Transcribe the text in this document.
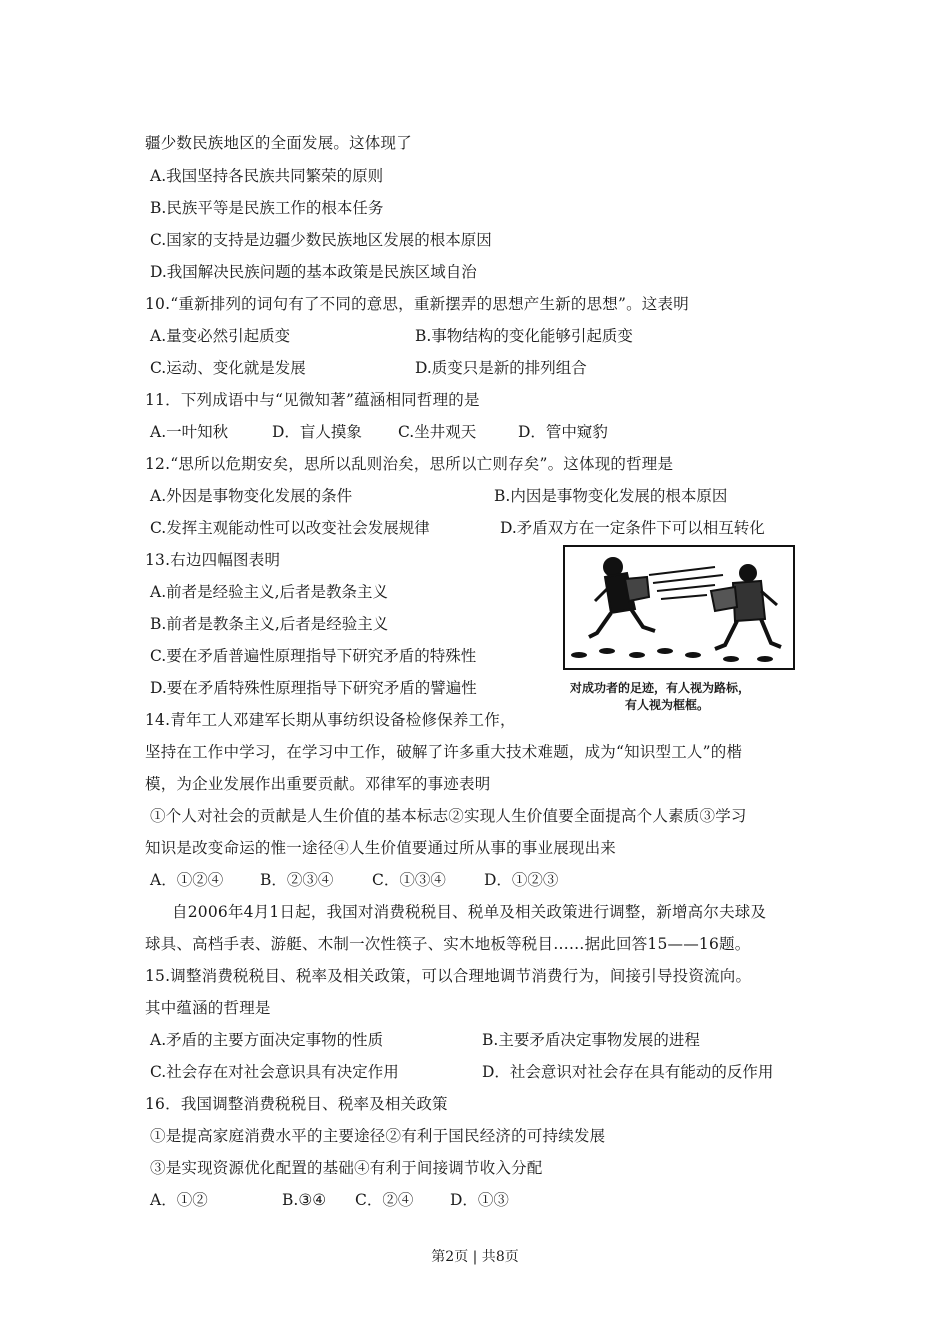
疆少数民族地区的全面发展。这体现了
A.我国坚持各民族共同繁荣的原则
B.民族平等是民族工作的根本任务
C.国家的支持是边疆少数民族地区发展的根本原因
D.我国解决民族问题的基本政策是民族区域自治
10.“重新排列的词句有了不同的意思，重新摆弄的思想产生新的思想”。这表明
A.量变必然引起质变	B.事物结构的变化能够引起质变
C.运动、变化就是发展	D.质变只是新的排列组合
11．下列成语中与“见微知著”蕴涵相同哲理的是
A.一叶知秋	D．盲人摸象 C.坐井观天	D．管中窥豹
12.“思所以危期安矣，思所以乱则治矣，思所以亡则存矣”。这体现的哲理是
A.外因是事物变化发展的条件	B.内因是事物变化发展的根本原因
C.发挥主观能动性可以改变社会发展规律	D.矛盾双方在一定条件下可以相互转化
13.右边四幅图表明
A.前者是经验主义,后者是教条主义
B.前者是教条主义,后者是经验主义
C.要在矛盾普遍性原理指导下研究矛盾的特殊性
D.要在矛盾特殊性原理指导下研究矛盾的譬遍性	对成功者的足迹，有人视为路标，
有人视为框框。
14.青年工人邓建军长期从事纺织设备检修保养工作，
坚持在工作中学习，在学习中工作，破解了许多重大技术难题，成为“知识型工人”的楷
模，为企业发展作出重要贡献。邓律军的事迹表明
①个人对社会的贡献是人生价值的基本标志②实现人生价值要全面提高个人素质③学习
知识是改变命运的惟一途径④人生价值要通过所从事的事业展现出来
A．①②④ B．②③④ C．①③④ D．①②③
自2006年4月1日起，我国对消费税税目、税单及相关政策进行调整，新增高尔夫球及
球具、高档手表、游艇、木制一次性筷子、实木地板等税目……据此回答15——16题。
15.调整消费税税目、税率及相关政策，可以合理地调节消费行为，间接引导投资流向。
其中蕴涵的哲理是
A.矛盾的主要方面决定事物的性质	B.主要矛盾决定事物发展的进程
C.社会存在对社会意识具有决定作用	D．社会意识对社会存在具有能动的反作用
16．我国调整消费税税目、税率及相关政策
①是提高家庭消费水平的主要途径②有利于国民经济的可持续发展
③是实现资源优化配置的基础④有利于间接调节收入分配
A．①②	B.③④ C．②④ D．①③
第2页 | 共8页
